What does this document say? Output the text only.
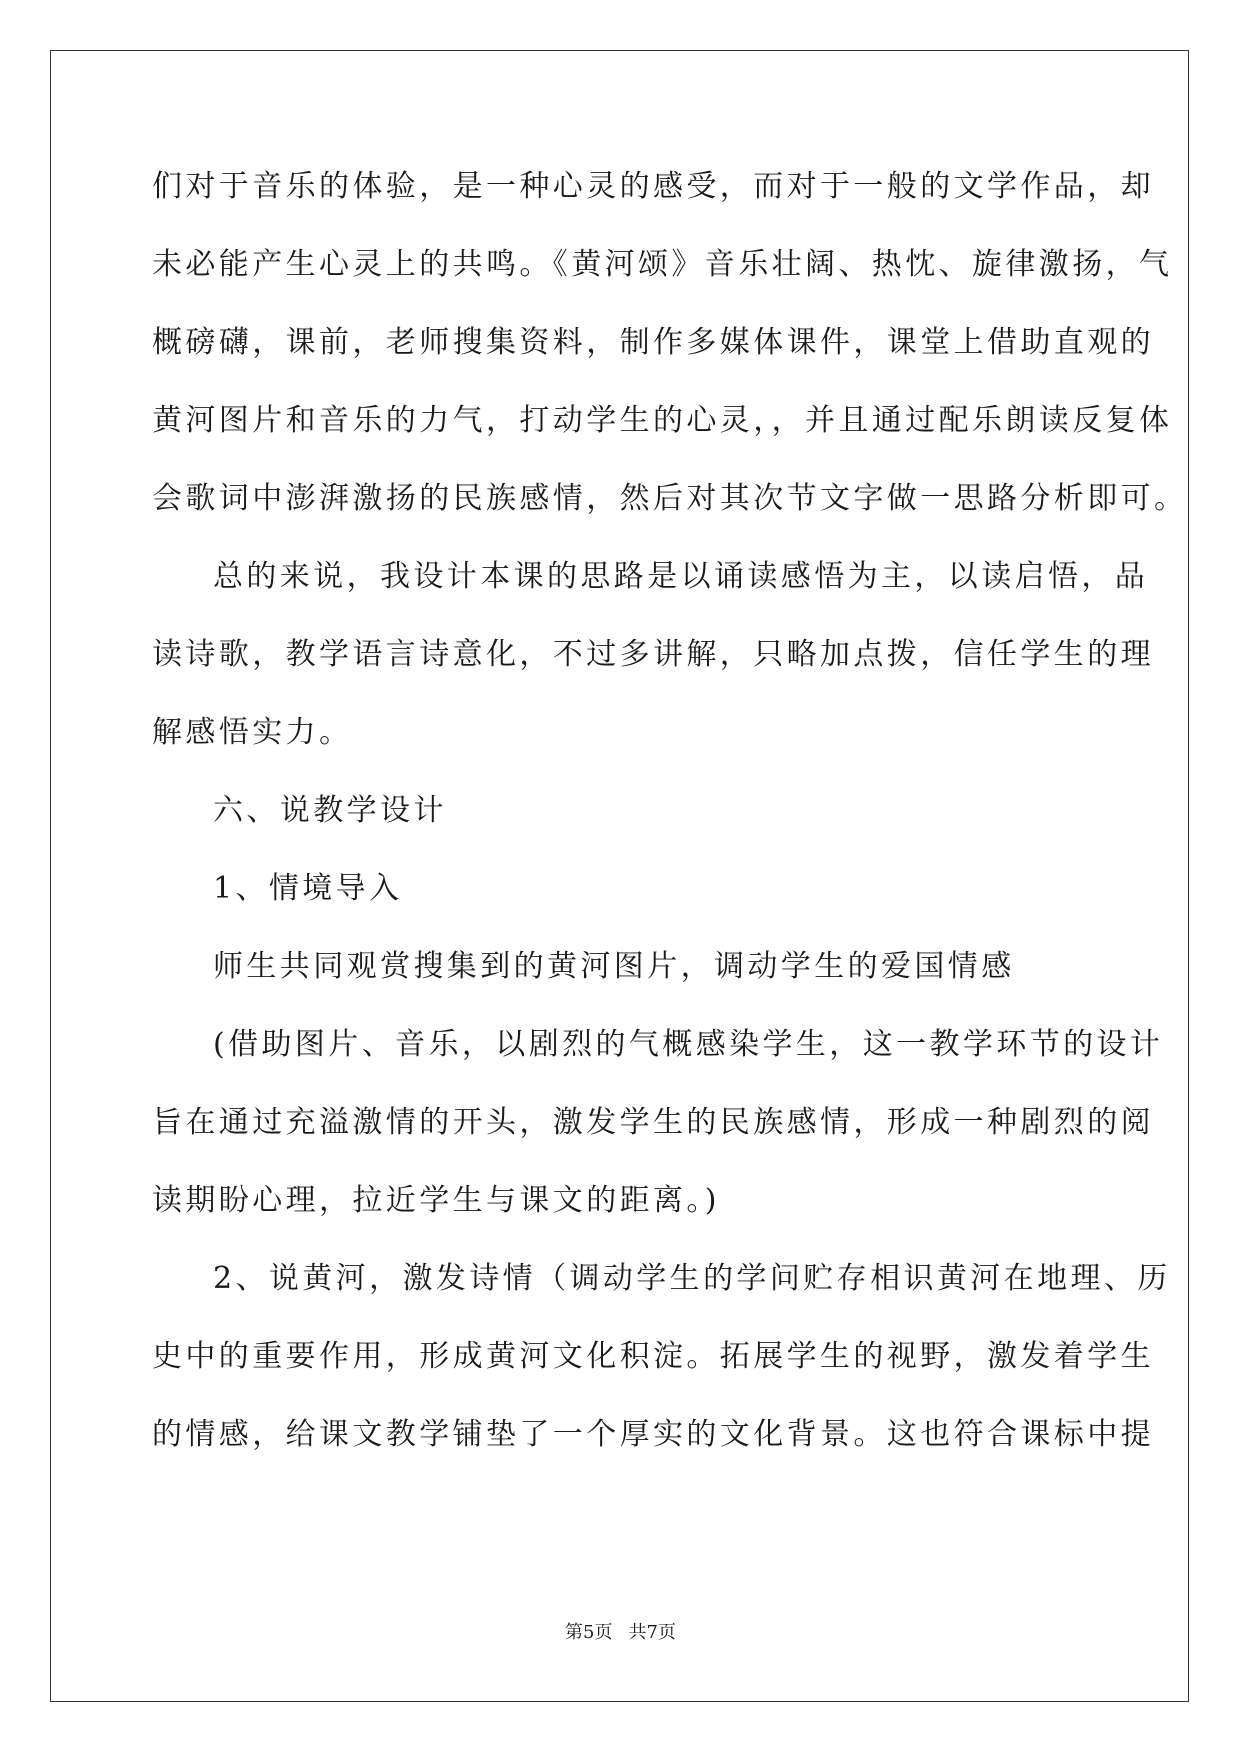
们对于音乐的体验，是一种心灵的感受，而对于一般的文学作品，却
未必能产生心灵上的共鸣。《黄河颂》音乐壮阔、热忱、旋律激扬，气
概磅礴，课前，老师搜集资料，制作多媒体课件，课堂上借助直观的
黄河图片和音乐的力气，打动学生的心灵，，并且通过配乐朗读反复体
会歌词中澎湃激扬的民族感情，然后对其次节文字做一思路分析即可。
总的来说，我设计本课的思路是以诵读感悟为主，以读启悟，品
读诗歌，教学语言诗意化，不过多讲解，只略加点拨，信任学生的理
解感悟实力。
六、说教学设计
1、情境导入
师生共同观赏搜集到的黄河图片，调动学生的爱国情感
(借助图片、音乐，以剧烈的气概感染学生，这一教学环节的设计
旨在通过充溢激情的开头，激发学生的民族感情，形成一种剧烈的阅
读期盼心理，拉近学生与课文的距离。)
2、说黄河，激发诗情（调动学生的学问贮存相识黄河在地理、历
史中的重要作用，形成黄河文化积淀。拓展学生的视野，激发着学生
的情感，给课文教学铺垫了一个厚实的文化背景。这也符合课标中提
第5页 共7页
